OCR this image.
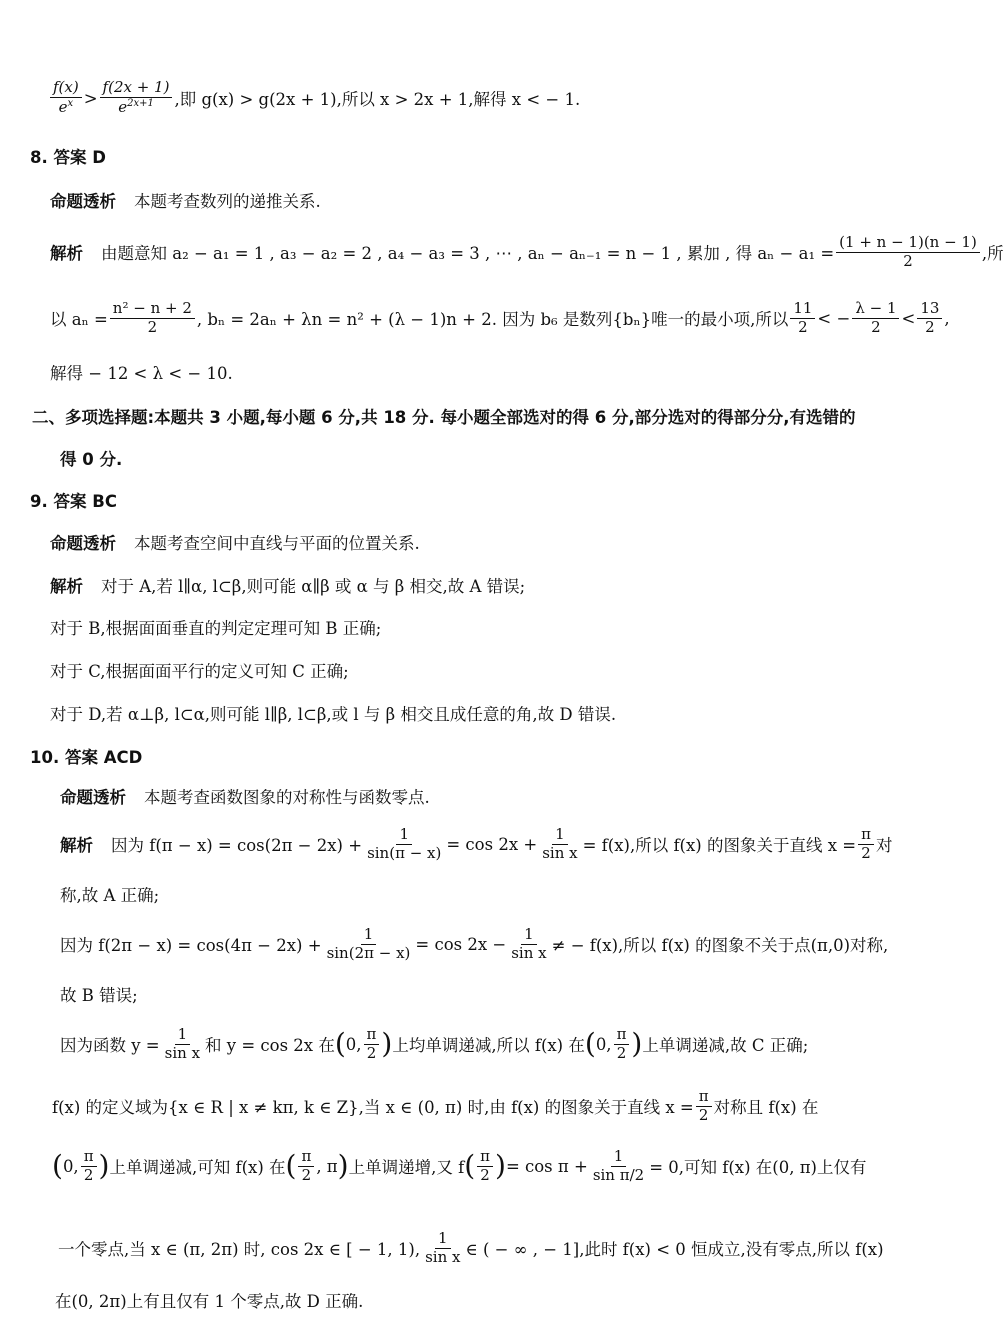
$\frac{f(x)}{e^x} > \frac{f(2x + 1)}{e^{2x+1}}$ ,即 g(x) > g(2x + 1),所以 x > 2x + 1,解得 x < − 1.
8. 答案 D
命题透析 本题考查数列的递推关系.
解析 由题意知 a₂ − a₁ = 1 , a₃ − a₂ = 2 , a₄ − a₃ = 3 , ⋯ , aₙ − aₙ₋₁ = n − 1 , 累加 , 得 $a_n - a_1 = \frac{(1 + n - 1)(n - 1)}{2}$ ,所
以 $a_n = \frac{\text{n² − n + 2}}{2}$ , bₙ = 2aₙ + λn = n² + (λ − 1)n + 2. 因为 b₆ 是数列{bₙ}唯一的最小项,所以 $\frac{11}{2}$ < − $\frac{\lambda - 1}{2} < \frac{13}{2}$ ,
解得 − 12 < λ < − 10.
二、多项选择题:本题共 3 小题,每小题 6 分,共 18 分. 每小题全部选对的得 6 分,部分选对的得部分分,有选错的
得 0 分.
9. 答案 BC
命题透析 本题考查空间中直线与平面的位置关系.
解析 对于 A,若 l∥α, l⊂β,则可能 α∥β 或 α 与 β 相交,故 A 错误;
对于 B,根据面面垂直的判定定理可知 B 正确;
对于 C,根据面面平行的定义可知 C 正确;
对于 D,若 α⊥β, l⊂α,则可能 l∥β, l⊂β,或 l 与 β 相交且成任意的角,故 D 错误.
10. 答案 ACD
命题透析 本题考查函数图象的对称性与函数零点.
解析 因为 $f(\pi - x) = \cos(2\pi - 2x) + \frac{1}{\sin(\pi - x)} = \cos 2x + \frac{1}{\text{sin x}} = f(x)$,所以 f(x) 的图象关于直线 $x = \frac{\pi}{2}$ 对
称,故 A 正确;
因为 $f(2\pi - x) = \cos(4\pi - 2x) + \frac{1}{\sin(2\pi - x)} = \cos 2x - \frac{1}{\text{sin x}}$ ≠ − f(x),所以 f(x) 的图象不关于点(π,0)对称,
故 B 错误;
因为函数 $y = \frac{1}{\text{sin x}}$ 和 y = cos 2x 在 ( 0, $\frac{\pi}{2}$ ) 上均单调递减,所以 f(x) 在 ( 0, $\frac{\pi}{2}$ ) 上单调递减,故 C 正确;
f(x) 的定义域为{x ∈ R | x ≠ kπ, k ∈ Z},当 x ∈ (0, π) 时,由 f(x) 的图象关于直线 $x = \frac{\pi}{2}$ 对称且 f(x) 在
( 0, $\frac{\pi}{2}$ ) 上单调递减,可知 f(x) 在 ( $\frac{\pi}{2}$ , π ) 上单调递增,又 f ( $\frac{\pi}{2}$ ) = $\cos \pi + \frac{1}{\text{sin π/2}} = 0$,可知 f(x) 在(0, π)上仅有
一个零点,当 x ∈ (π, 2π) 时, cos 2x ∈ [ − 1, 1), $\frac{1}{\text{sin x}}$ ∈ ( − ∞ , − 1],此时 f(x) < 0 恒成立,没有零点,所以 f(x)
在(0, 2π)上有且仅有 1 个零点,故 D 正确.
